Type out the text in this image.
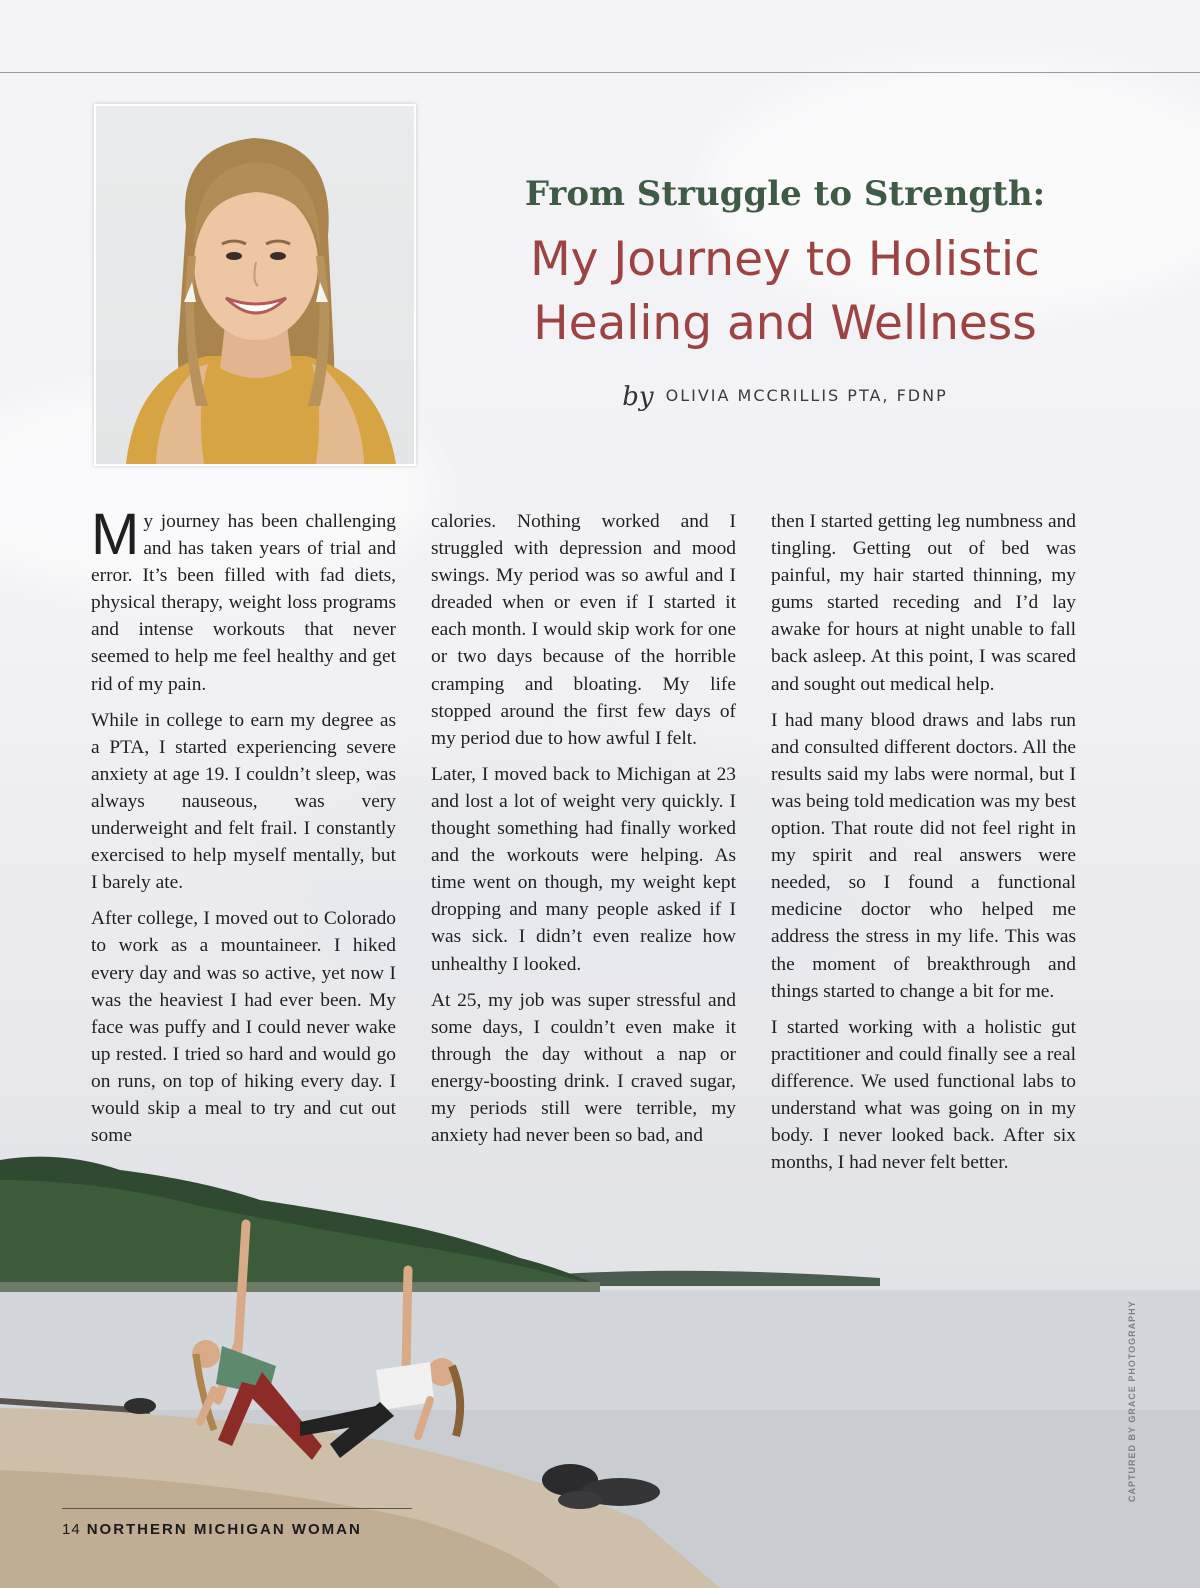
From Struggle to Strength:
My Journey to Holistic
Healing and Wellness
by OLIVIA MCCRILLIS PTA, FDNP

My journey has been challenging and has taken years of trial and error. It’s been filled with fad diets, physical therapy, weight loss programs and intense workouts that never seemed to help me feel healthy and get rid of my pain.

While in college to earn my degree as a PTA, I started experiencing severe anxiety at age 19. I couldn’t sleep, was always nauseous, was very underweight and felt frail. I constantly exercised to help myself mentally, but I barely ate.

After college, I moved out to Colorado to work as a mountaineer. I hiked every day and was so active, yet now I was the heaviest I had ever been. My face was puffy and I could never wake up rested. I tried so hard and would go on runs, on top of hiking every day. I would skip a meal to try and cut out some

calories. Nothing worked and I struggled with depression and mood swings. My period was so awful and I dreaded when or even if I started it each month. I would skip work for one or two days because of the horrible cramping and bloating. My life stopped around the first few days of my period due to how awful I felt.

Later, I moved back to Michigan at 23 and lost a lot of weight very quickly. I thought something had finally worked and the workouts were helping. As time went on though, my weight kept dropping and many people asked if I was sick. I didn’t even realize how unhealthy I looked.

At 25, my job was super stressful and some days, I couldn’t even make it through the day without a nap or energy-boosting drink. I craved sugar, my periods still were terrible, my anxiety had never been so bad, and

then I started getting leg numbness and tingling. Getting out of bed was painful, my hair started thinning, my gums started receding and I’d lay awake for hours at night unable to fall back asleep. At this point, I was scared and sought out medical help.

I had many blood draws and labs run and consulted different doctors. All the results said my labs were normal, but I was being told medication was my best option. That route did not feel right in my spirit and real answers were needed, so I found a functional medicine doctor who helped me address the stress in my life. This was the moment of breakthrough and things started to change a bit for me.

I started working with a holistic gut practitioner and could finally see a real difference. We used functional labs to understand what was going on in my body. I never looked back. After six months, I had never felt better.

CAPTURED BY GRACE PHOTOGRAPHY
14 NORTHERN MICHIGAN WOMAN
